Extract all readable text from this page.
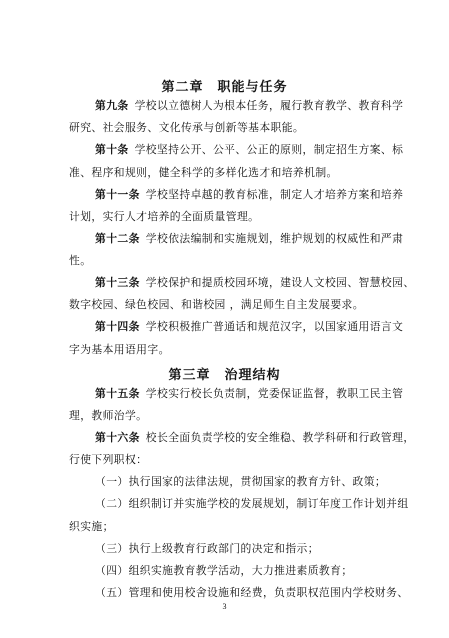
第二章　职能与任务
第九条 学校以立德树人为根本任务，履行教育教学、教育科学
研究、社会服务、文化传承与创新等基本职能。
第十条 学校坚持公开、公平、公正的原则，制定招生方案、标
准、程序和规则，健全科学的多样化选才和培养机制。
第十一条 学校坚持卓越的教育标准，制定人才培养方案和培养
计划，实行人才培养的全面质量管理。
第十二条 学校依法编制和实施规划，维护规划的权威性和严肃
性。
第十三条 学校保护和提质校园环境，建设人文校园、智慧校园、
数字校园、绿色校园、和谐校园 ，满足师生自主发展要求。
第十四条 学校积极推广普通话和规范汉字，以国家通用语言文
字为基本用语用字。
第三章　治理结构
第十五条 学校实行校长负责制，党委保证监督，教职工民主管
理，教师治学。
第十六条 校长全面负责学校的安全维稳、教学科研和行政管理，
行使下列职权：
（一）执行国家的法律法规，贯彻国家的教育方针、政策；
（二）组织制订并实施学校的发展规划，制订年度工作计划并组
织实施；
（三）执行上级教育行政部门的决定和指示；
（四）组织实施教育教学活动，大力推进素质教育；
（五）管理和使用校舍设施和经费，负责职权范围内学校财务、
3
